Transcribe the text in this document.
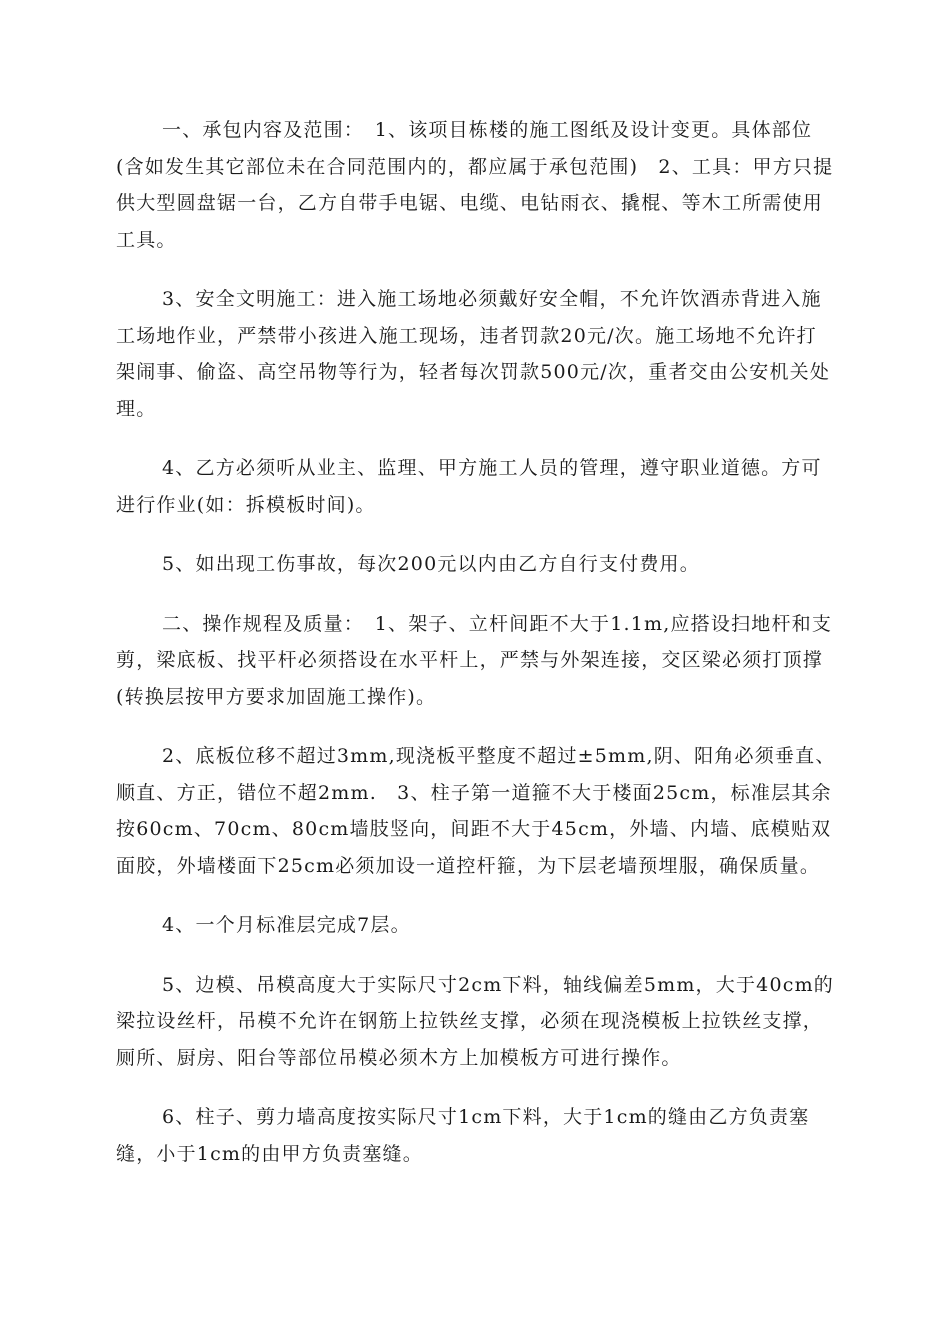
一、承包内容及范围：　1、该项目栋楼的施工图纸及设计变更。具体部位(含如发生其它部位未在合同范围内的，都应属于承包范围)　2、工具：甲方只提供大型圆盘锯一台，乙方自带手电锯、电缆、电钻雨衣、撬棍、等木工所需使用工具。

3、安全文明施工：进入施工场地必须戴好安全帽，不允许饮酒赤背进入施工场地作业，严禁带小孩进入施工现场，违者罚款20元/次。施工场地不允许打架闹事、偷盗、高空吊物等行为，轻者每次罚款500元/次，重者交由公安机关处理。

4、乙方必须听从业主、监理、甲方施工人员的管理，遵守职业道德。方可进行作业(如：拆模板时间)。

5、如出现工伤事故，每次200元以内由乙方自行支付费用。

二、操作规程及质量：　1、架子、立杆间距不大于1.1m,应搭设扫地杆和支剪，梁底板、找平杆必须搭设在水平杆上，严禁与外架连接，交区梁必须打顶撑(转换层按甲方要求加固施工操作)。

2、底板位移不超过3mm,现浇板平整度不超过±5mm,阴、阳角必须垂直、顺直、方正，错位不超2mm.　3、柱子第一道箍不大于楼面25cm，标准层其余按60cm、70cm、80cm墙肢竖向，间距不大于45cm，外墙、内墙、底模贴双面胶，外墙楼面下25cm必须加设一道控杆箍，为下层老墙预埋服，确保质量。

4、一个月标准层完成7层。

5、边模、吊模高度大于实际尺寸2cm下料，轴线偏差5mm，大于40cm的梁拉设丝杆，吊模不允许在钢筋上拉铁丝支撑，必须在现浇模板上拉铁丝支撑，厕所、厨房、阳台等部位吊模必须木方上加模板方可进行操作。

6、柱子、剪力墙高度按实际尺寸1cm下料，大于1cm的缝由乙方负责塞缝，小于1cm的由甲方负责塞缝。
